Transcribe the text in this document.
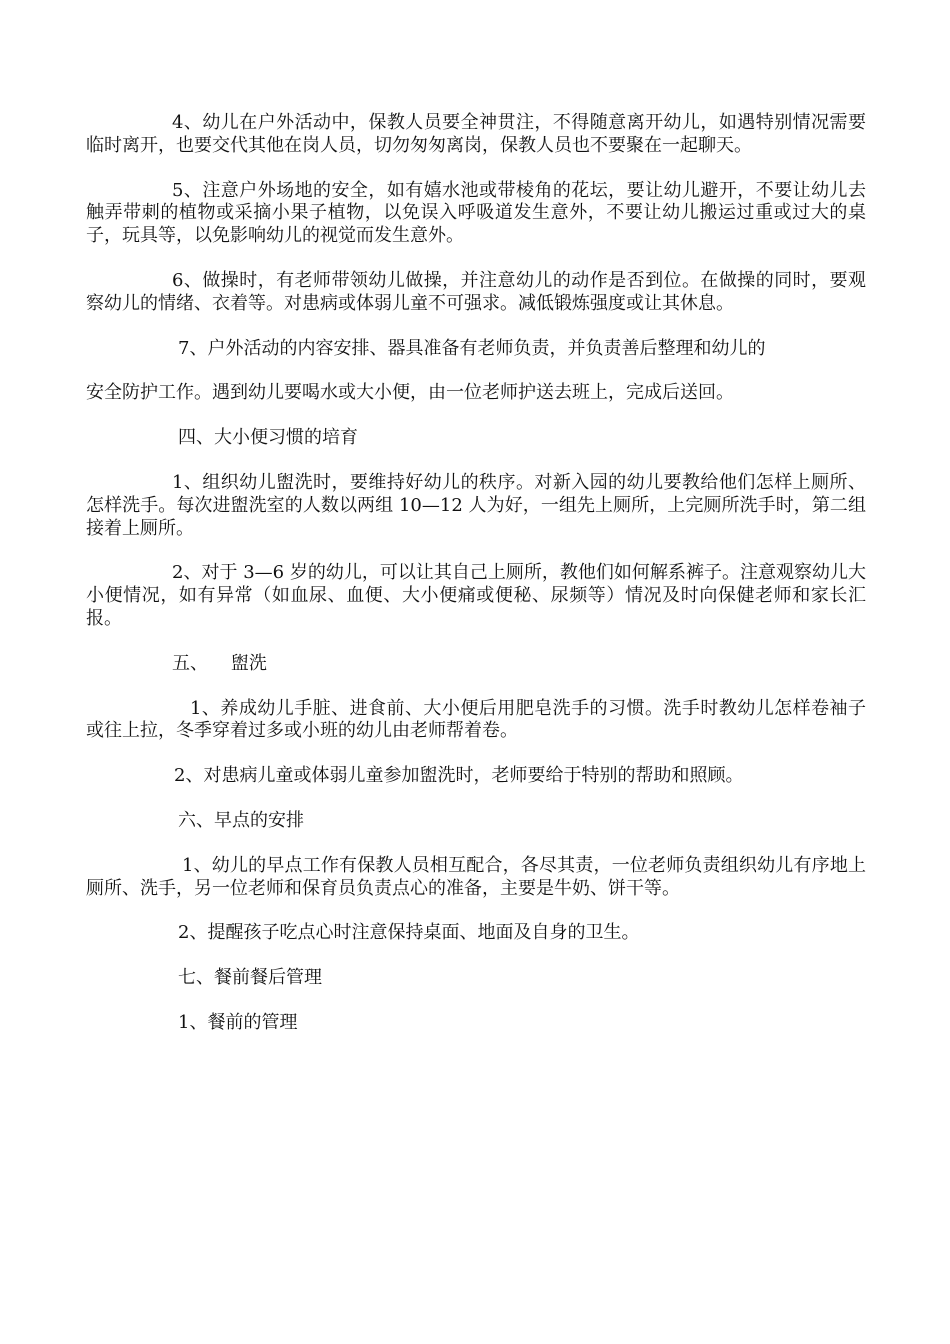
4、幼儿在户外活动中，保教人员要全神贯注，不得随意离开幼儿，如遇特别情况需要临时离开，也要交代其他在岗人员，切勿匆匆离岗，保教人员也不要聚在一起聊天。

5、注意户外场地的安全，如有嬉水池或带棱角的花坛，要让幼儿避开，不要让幼儿去触弄带刺的植物或采摘小果子植物，以免误入呼吸道发生意外，不要让幼儿搬运过重或过大的桌子，玩具等，以免影响幼儿的视觉而发生意外。

6、做操时，有老师带领幼儿做操，并注意幼儿的动作是否到位。在做操的同时，要观察幼儿的情绪、衣着等。对患病或体弱儿童不可强求。减低锻炼强度或让其休息。

7、户外活动的内容安排、器具准备有老师负责，并负责善后整理和幼儿的

安全防护工作。遇到幼儿要喝水或大小便，由一位老师护送去班上，完成后送回。

四、大小便习惯的培育

1、组织幼儿盥洗时，要维持好幼儿的秩序。对新入园的幼儿要教给他们怎样上厕所、怎样洗手。每次进盥洗室的人数以两组 10—12 人为好，一组先上厕所，上完厕所洗手时，第二组接着上厕所。

2、对于 3—6 岁的幼儿，可以让其自己上厕所，教他们如何解系裤子。注意观察幼儿大小便情况，如有异常（如血尿、血便、大小便痛或便秘、尿频等）情况及时向保健老师和家长汇报。

五、    盥洗

1、养成幼儿手脏、进食前、大小便后用肥皂洗手的习惯。洗手时教幼儿怎样卷袖子或往上拉，冬季穿着过多或小班的幼儿由老师帮着卷。

2、对患病儿童或体弱儿童参加盥洗时，老师要给于特别的帮助和照顾。

六、早点的安排

1、幼儿的早点工作有保教人员相互配合，各尽其责，一位老师负责组织幼儿有序地上厕所、洗手，另一位老师和保育员负责点心的准备，主要是牛奶、饼干等。

2、提醒孩子吃点心时注意保持桌面、地面及自身的卫生。

七、餐前餐后管理

1、餐前的管理
